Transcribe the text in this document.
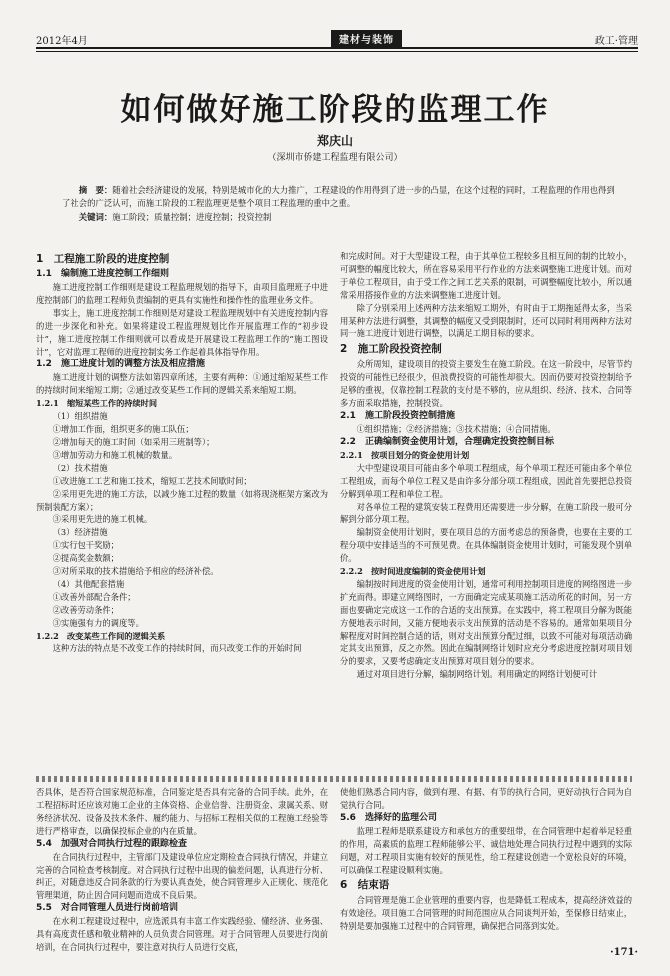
2012年4月	建材与装饰	政工·管理
如何做好施工阶段的监理工作
郑庆山
（深圳市侨建工程监理有限公司）
摘　要：随着社会经济建设的发展，特别是城市化的大力推广，工程建设的作用得到了进一步的凸显，在这个过程的同时，工程监理的作用也得到了社会的广泛认可，而施工阶段的工程监理更是整个项目工程监理的重中之重。
关键词：施工阶段；质量控制；进度控制；投资控制

1　工程施工阶段的进度控制

1.1　编制施工进度控制工作细则

施工进度控制工作细则是建设工程监理规划的指导下，由项目监理班子中进度控制部门的监理工程师负责编制的更具有实施性和操作性的监理业务文件。

事实上，施工进度控制工作细则是对建设工程监理规划中有关进度控制内容的进一步深化和补充。如果将建设工程监理规划比作开展监理工作的“初步设计”，施工进度控制工作细则就可以看成是开展建设工程监理工作的“施工图设计”，它对监理工程师的进度控制实务工作起着具体指导作用。

1.2　施工进度计划的调整方法及相应措施

施工进度计划的调整方法如第四章所述，主要有两种：①通过缩短某些工作的持续时间来缩短工期；②通过改变某些工作间的逻辑关系来缩短工期。

1.2.1　缩短某些工作的持续时间

（1）组织措施

①增加工作面，组织更多的施工队伍；

②增加每天的施工时间（如采用三班制等）；

③增加劳动力和施工机械的数量。

（2）技术措施

①改进施工工艺和施工技术，缩短工艺技术间歇时间；

②采用更先进的施工方法，以减少施工过程的数量（如将现浇框架方案改为预制装配方案）；

③采用更先进的施工机械。

（3）经济措施

①实行包干奖励；

②提高奖金数额；

③对所采取的技术措施给予相应的经济补偿。

（4）其他配套措施

①改善外部配合条件；

②改善劳动条件；

③实施强有力的调度等。

1.2.2　改变某些工作间的逻辑关系

这种方法的特点是不改变工作的持续时间，而只改变工作的开始时间

和完成时间。对于大型建设工程，由于其单位工程较多且相互间的制约比较小，可调整的幅度比较大，所在容易采用平行作业的方法来调整施工进度计划。而对于单位工程项目，由于受工作之间工艺关系的限制，可调整幅度比较小，所以通常采用搭接作业的方法来调整施工进度计划。

除了分别采用上述两种方法来缩短工期外，有时由于工期拖延得太多，当采用某种方法进行调整，其调整的幅度又受到限制时，还可以同时利用两种方法对同一施工进度计划进行调整，以满足工期目标的要求。

2　施工阶段投资控制

众所周知，建设项目的投资主要发生在施工阶段。在这一阶段中，尽管节约投资的可能性已经很少，但浪费投资的可能性却很大。因而仍要对投资控制给予足够的重视，仅靠控制工程款的支付是不够的，应从组织、经济、技术、合同等多方面采取措施，控制投资。

2.1　施工阶段投资控制措施

①组织措施；②经济措施；③技术措施；④合同措施。

2.2　正确编制资金使用计划，合理确定投资控制目标

2.2.1　按项目划分的资金使用计划

大中型建设项目可能由多个单项工程组成，每个单项工程还可能由多个单位工程组成，而每个单位工程又是由许多分部分项工程组成，因此首先要把总投资分解到单项工程和单位工程。

对各单位工程的建筑安装工程费用还需要进一步分解，在施工阶段一般可分解到分部分项工程。

编制资金使用计划时，要在项目总的方面考虑总的预备费，也要在主要的工程分项中安排适当的不可预见费。在具体编制资金使用计划时，可能发现个别单价。

2.2.2　按时间进度编制的资金使用计划

编制按时间进度的资金使用计划，通常可利用控制项目进度的网络图进一步扩充而得。即建立网络图时，一方面确定完成某项施工活动所花的时间，另一方面也要确定完成这一工作的合适的支出预算。在实践中，将工程项目分解为既能方便地表示时间，又能方便地表示支出预算的活动是不容易的。通常如果项目分解程度对时间控制合适的话，则对支出预算分配过细，以致不可能对每项活动确定其支出预算，反之亦然。因此在编制网络计划时应充分考虑进度控制对项目划分的要求，又要考虑确定支出预算对项目划分的要求。

通过对项目进行分解，编制网络计划。利用确定的网络计划便可计

否具体，是否符合国家规范标准，合同鉴定是否具有完备的合同手续。此外，在工程招标时还应该对施工企业的主体资格、企业信誉、注册资金、隶属关系、财务经济状况、设备及技术条件、履约能力、与招标工程相关似的工程施工经验等进行严格审查，以确保投标企业的内在质量。

5.4　加强对合同执行过程的跟踪检查

在合同执行过程中，主管部门及建设单位应定期检查合同执行情况，并建立完善的合同检查考核制度。对合同执行过程中出现的偏差问题，认真进行分析、纠正，对随意违反合同条款的行为要认真查处，使合同管理步入正规化、规范化管理渠道，防止因合同问题而造成不良后果。

5.5　对合同管理人员进行岗前培训

在水利工程建设过程中，应选派具有丰富工作实践经验、懂经济、业务强、具有高度责任感和敬业精神的人员负责合同管理。对于合同管理人员要进行岗前培训，在合同执行过程中，要注意对执行人员进行交底，

使他们熟悉合同内容，做到有理、有据、有节的执行合同，更好动执行合同为自觉执行合同。

5.6　选择好的监理公司

监理工程师是联系建设方和承包方的重要纽带，在合同管理中起着举足轻重的作用，高素质的监理工程师能够公平、诚信地处理合同执行过程中遇到的实际问题，对工程项目实施有较好的预见性，给工程建设创造一个宽松良好的环境，可以确保工程建设顺利实施。

6　结束语

合同管理是施工企业管理的重要内容，也是降低工程成本，提高经济效益的有效途径。项目施工合同管理的时间范围应从合同谈判开始，至保修日结束止，特别是要加强施工过程中的合同管理，确保把合同落到实处。

·171·
